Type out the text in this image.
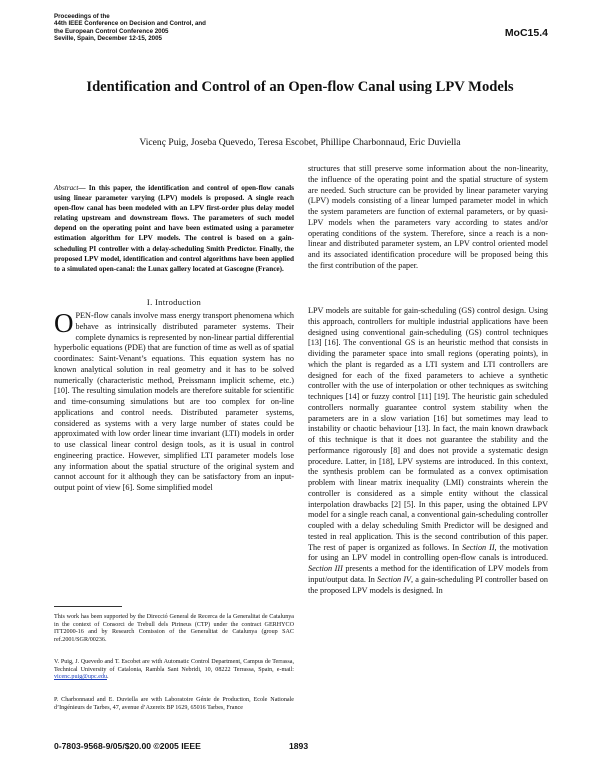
Proceedings of the
44th IEEE Conference on Decision and Control, and
the European Control Conference 2005
Seville, Spain, December 12-15, 2005	MoC15.4
Identification and Control of an Open-flow Canal using LPV Models
Vicenç Puig, Joseba Quevedo, Teresa Escobet, Phillipe Charbonnaud, Eric Duviella
Abstract— In this paper, the identification and control of open-flow canals using linear parameter varying (LPV) models is proposed. A single reach open-flow canal has been modeled with an LPV first-order plus delay model relating upstream and downstream flows. The parameters of such model depend on the operating point and have been estimated using a parameter estimation algorithm for LPV models. The control is based on a gain-scheduling PI controller with a delay-scheduling Smith Predictor. Finally, the proposed LPV model, identification and control algorithms have been applied to a simulated open-canal: the Lunax gallery located at Gascogne (France).
I. Introduction
OPEN-flow canals involve mass energy transport phenomena which behave as intrinsically distributed parameter systems. Their complete dynamics is represented by non-linear partial differential hyperbolic equations (PDE) that are function of time as well as of spatial coordinates: Saint-Venant’s equations. This equation system has no known analytical solution in real geometry and it has to be solved numerically (characteristic method, Preissmann implicit scheme, etc.) [10]. The resulting simulation models are therefore suitable for scientific and time-consuming simulations but are too complex for on-line applications and control needs. Distributed parameter systems, considered as systems with a very large number of states could be approximated with low order linear time invariant (LTI) models in order to use classical linear control design tools, as it is usual in control engineering practice. However, simplified LTI parameter models lose any information about the spatial structure of the original system and cannot account for it although they can be satisfactory from an input-output point of view [6]. Some simplified model
This work has been supported by the Direcció General de Recerca de la Generalitat de Catalunya in the context of Consorci de Trebull dels Pirineus (CTP) under the contract GERHYCO ITT2000-16 and by Research Comission of the Generalitat de Catalunya (group SAC ref.2001/SGR/00236.
V. Puig, J. Quevedo and T. Escobet are with Automatic Control Department, Campus de Terrassa, Technical University of Catalonia, Rambla Sant Nebridi, 10, 08222 Terrassa, Spain, e-mail: vicenc.puig@upc.edu.
P. Charbonnaud and E. Duviella are with Laboratoire Génie de Production, Ecole Nationale d’Ingénieurs de Tarbes, 47, avenue d’Azereix BP 1629, 65016 Tarbes, France
structures that still preserve some information about the non-linearity, the influence of the operating point and the spatial structure of system are needed. Such structure can be provided by linear parameter varying (LPV) models consisting of a linear lumped parameter model in which the system parameters are function of external parameters, or by quasi-LPV models when the parameters vary according to states and/or operating conditions of the system. Therefore, since a reach is a non-linear and distributed parameter system, an LPV control oriented model and its associated identification procedure will be proposed being this the first contribution of the paper.
LPV models are suitable for gain-scheduling (GS) control design. Using this approach, controllers for multiple industrial applications have been designed using conventional gain-scheduling (GS) control techniques [13] [16]. The conventional GS is an heuristic method that consists in dividing the parameter space into small regions (operating points), in which the plant is regarded as a LTI system and LTI controllers are designed for each of the fixed parameters to achieve a synthetic controller with the use of interpolation or other techniques as switching techniques [14] or fuzzy control [11] [19]. The heuristic gain scheduled controllers normally guarantee control system stability when the parameters are in a slow variation [16] but sometimes may lead to instability or chaotic behaviour [13]. In fact, the main known drawback of this technique is that it does not guarantee the stability and the performance rigorously [8] and does not provide a systematic design procedure. Latter, in [18], LPV systems are introduced. In this context, the synthesis problem can be formulated as a convex optimisation problem with linear matrix inequality (LMI) constraints wherein the controller is considered as a simple entity without the classical interpolation drawbacks [2] [5]. In this paper, using the obtained LPV model for a single reach canal, a conventional gain-scheduling controller coupled with a delay scheduling Smith Predictor will be designed and tested in real application. This is the second contribution of this paper. The rest of paper is organized as follows. In Section II, the motivation for using an LPV model in controlling open-flow canals is introduced. Section III presents a method for the identification of LPV models from input/output data. In Section IV, a gain-scheduling PI controller based on the proposed LPV models is designed. In
0-7803-9568-9/05/$20.00 ©2005 IEEE	1893
